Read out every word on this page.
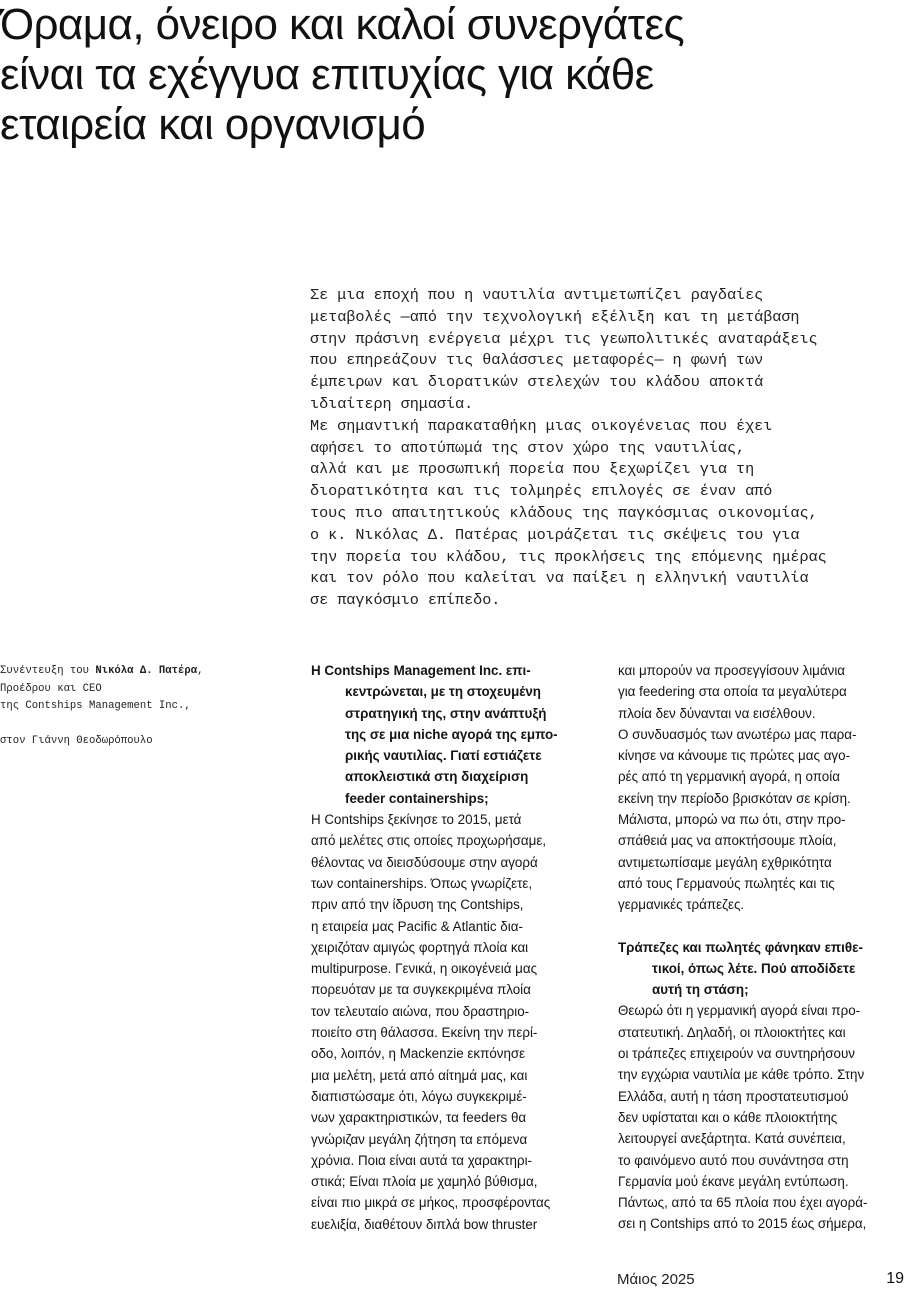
Όραμα, όνειρο και καλοί συνεργάτες
είναι τα εχέγγυα επιτυχίας για κάθε
εταιρεία και οργανισμό
Σε μια εποχή που η ναυτιλία αντιμετωπίζει ραγδαίες
μεταβολές —από την τεχνολογική εξέλιξη και τη μετάβαση
στην πράσινη ενέργεια μέχρι τις γεωπολιτικές αναταράξεις
που επηρεάζουν τις θαλάσσιες μεταφορές— η φωνή των
έμπειρων και διορατικών στελεχών του κλάδου αποκτά
ιδιαίτερη σημασία.
Με σημαντική παρακαταθήκη μιας οικογένειας που έχει
αφήσει το αποτύπωμά της στον χώρο της ναυτιλίας,
αλλά και με προσωπική πορεία που ξεχωρίζει για τη
διορατικότητα και τις τολμηρές επιλογές σε έναν από
τους πιο απαιτητικούς κλάδους της παγκόσμιας οικονομίας,
ο κ. Νικόλας Δ. Πατέρας μοιράζεται τις σκέψεις του για
την πορεία του κλάδου, τις προκλήσεις της επόμενης ημέρας
και τον ρόλο που καλείται να παίξει η ελληνική ναυτιλία
σε παγκόσμιο επίπεδο.
Συνέντευξη του Νικόλα Δ. Πατέρα,
Προέδρου και CEO
της Contships Management Inc.,
στον Γιάννη Θεοδωρόπουλο
Η Contships Management Inc. επι-
κεντρώνεται, με τη στοχευμένη
στρατηγική της, στην ανάπτυξή
της σε μια niche αγορά της εμπο-
ρικής ναυτιλίας. Γιατί εστιάζετε
αποκλειστικά στη διαχείριση
feeder containerships;
Η Contships ξεκίνησε το 2015, μετά
από μελέτες στις οποίες προχωρήσαμε,
θέλοντας να διεισδύσουμε στην αγορά
των containerships. Όπως γνωρίζετε,
πριν από την ίδρυση της Contships,
η εταιρεία μας Pacific & Atlantic δια-
χειριζόταν αμιγώς φορτηγά πλοία και
multipurpose. Γενικά, η οικογένειά μας
πορευόταν με τα συγκεκριμένα πλοία
τον τελευταίο αιώνα, που δραστηριο-
ποιείτο στη θάλασσα. Εκείνη την περί-
οδο, λοιπόν, η Mackenzie εκπόνησε
μια μελέτη, μετά από αίτημά μας, και
διαπιστώσαμε ότι, λόγω συγκεκριμέ-
νων χαρακτηριστικών, τα feeders θα
γνώριζαν μεγάλη ζήτηση τα επόμενα
χρόνια. Ποια είναι αυτά τα χαρακτηρι-
στικά; Είναι πλοία με χαμηλό βύθισμα,
είναι πιο μικρά σε μήκος, προσφέροντας
ευελιξία, διαθέτουν διπλά bow thruster
και μπορούν να προσεγγίσουν λιμάνια
για feedering στα οποία τα μεγαλύτερα
πλοία δεν δύνανται να εισέλθουν.
Ο συνδυασμός των ανωτέρω μας παρα-
κίνησε να κάνουμε τις πρώτες μας αγο-
ρές από τη γερμανική αγορά, η οποία
εκείνη την περίοδο βρισκόταν σε κρίση.
Μάλιστα, μπορώ να πω ότι, στην προ-
σπάθειά μας να αποκτήσουμε πλοία,
αντιμετωπίσαμε μεγάλη εχθρικότητα
από τους Γερμανούς πωλητές και τις
γερμανικές τράπεζες.
Τράπεζες και πωλητές φάνηκαν επιθε-
τικοί, όπως λέτε. Πού αποδίδετε
αυτή τη στάση;
Θεωρώ ότι η γερμανική αγορά είναι προ-
στατευτική. Δηλαδή, οι πλοιοκτήτες και
οι τράπεζες επιχειρούν να συντηρήσουν
την εγχώρια ναυτιλία με κάθε τρόπο. Στην
Ελλάδα, αυτή η τάση προστατευτισμού
δεν υφίσταται και ο κάθε πλοιοκτήτης
λειτουργεί ανεξάρτητα. Κατά συνέπεια,
το φαινόμενο αυτό που συνάντησα στη
Γερμανία μού έκανε μεγάλη εντύπωση.
Πάντως, από τα 65 πλοία που έχει αγορά-
σει η Contships από το 2015 έως σήμερα,
Μάιος 2025	19
